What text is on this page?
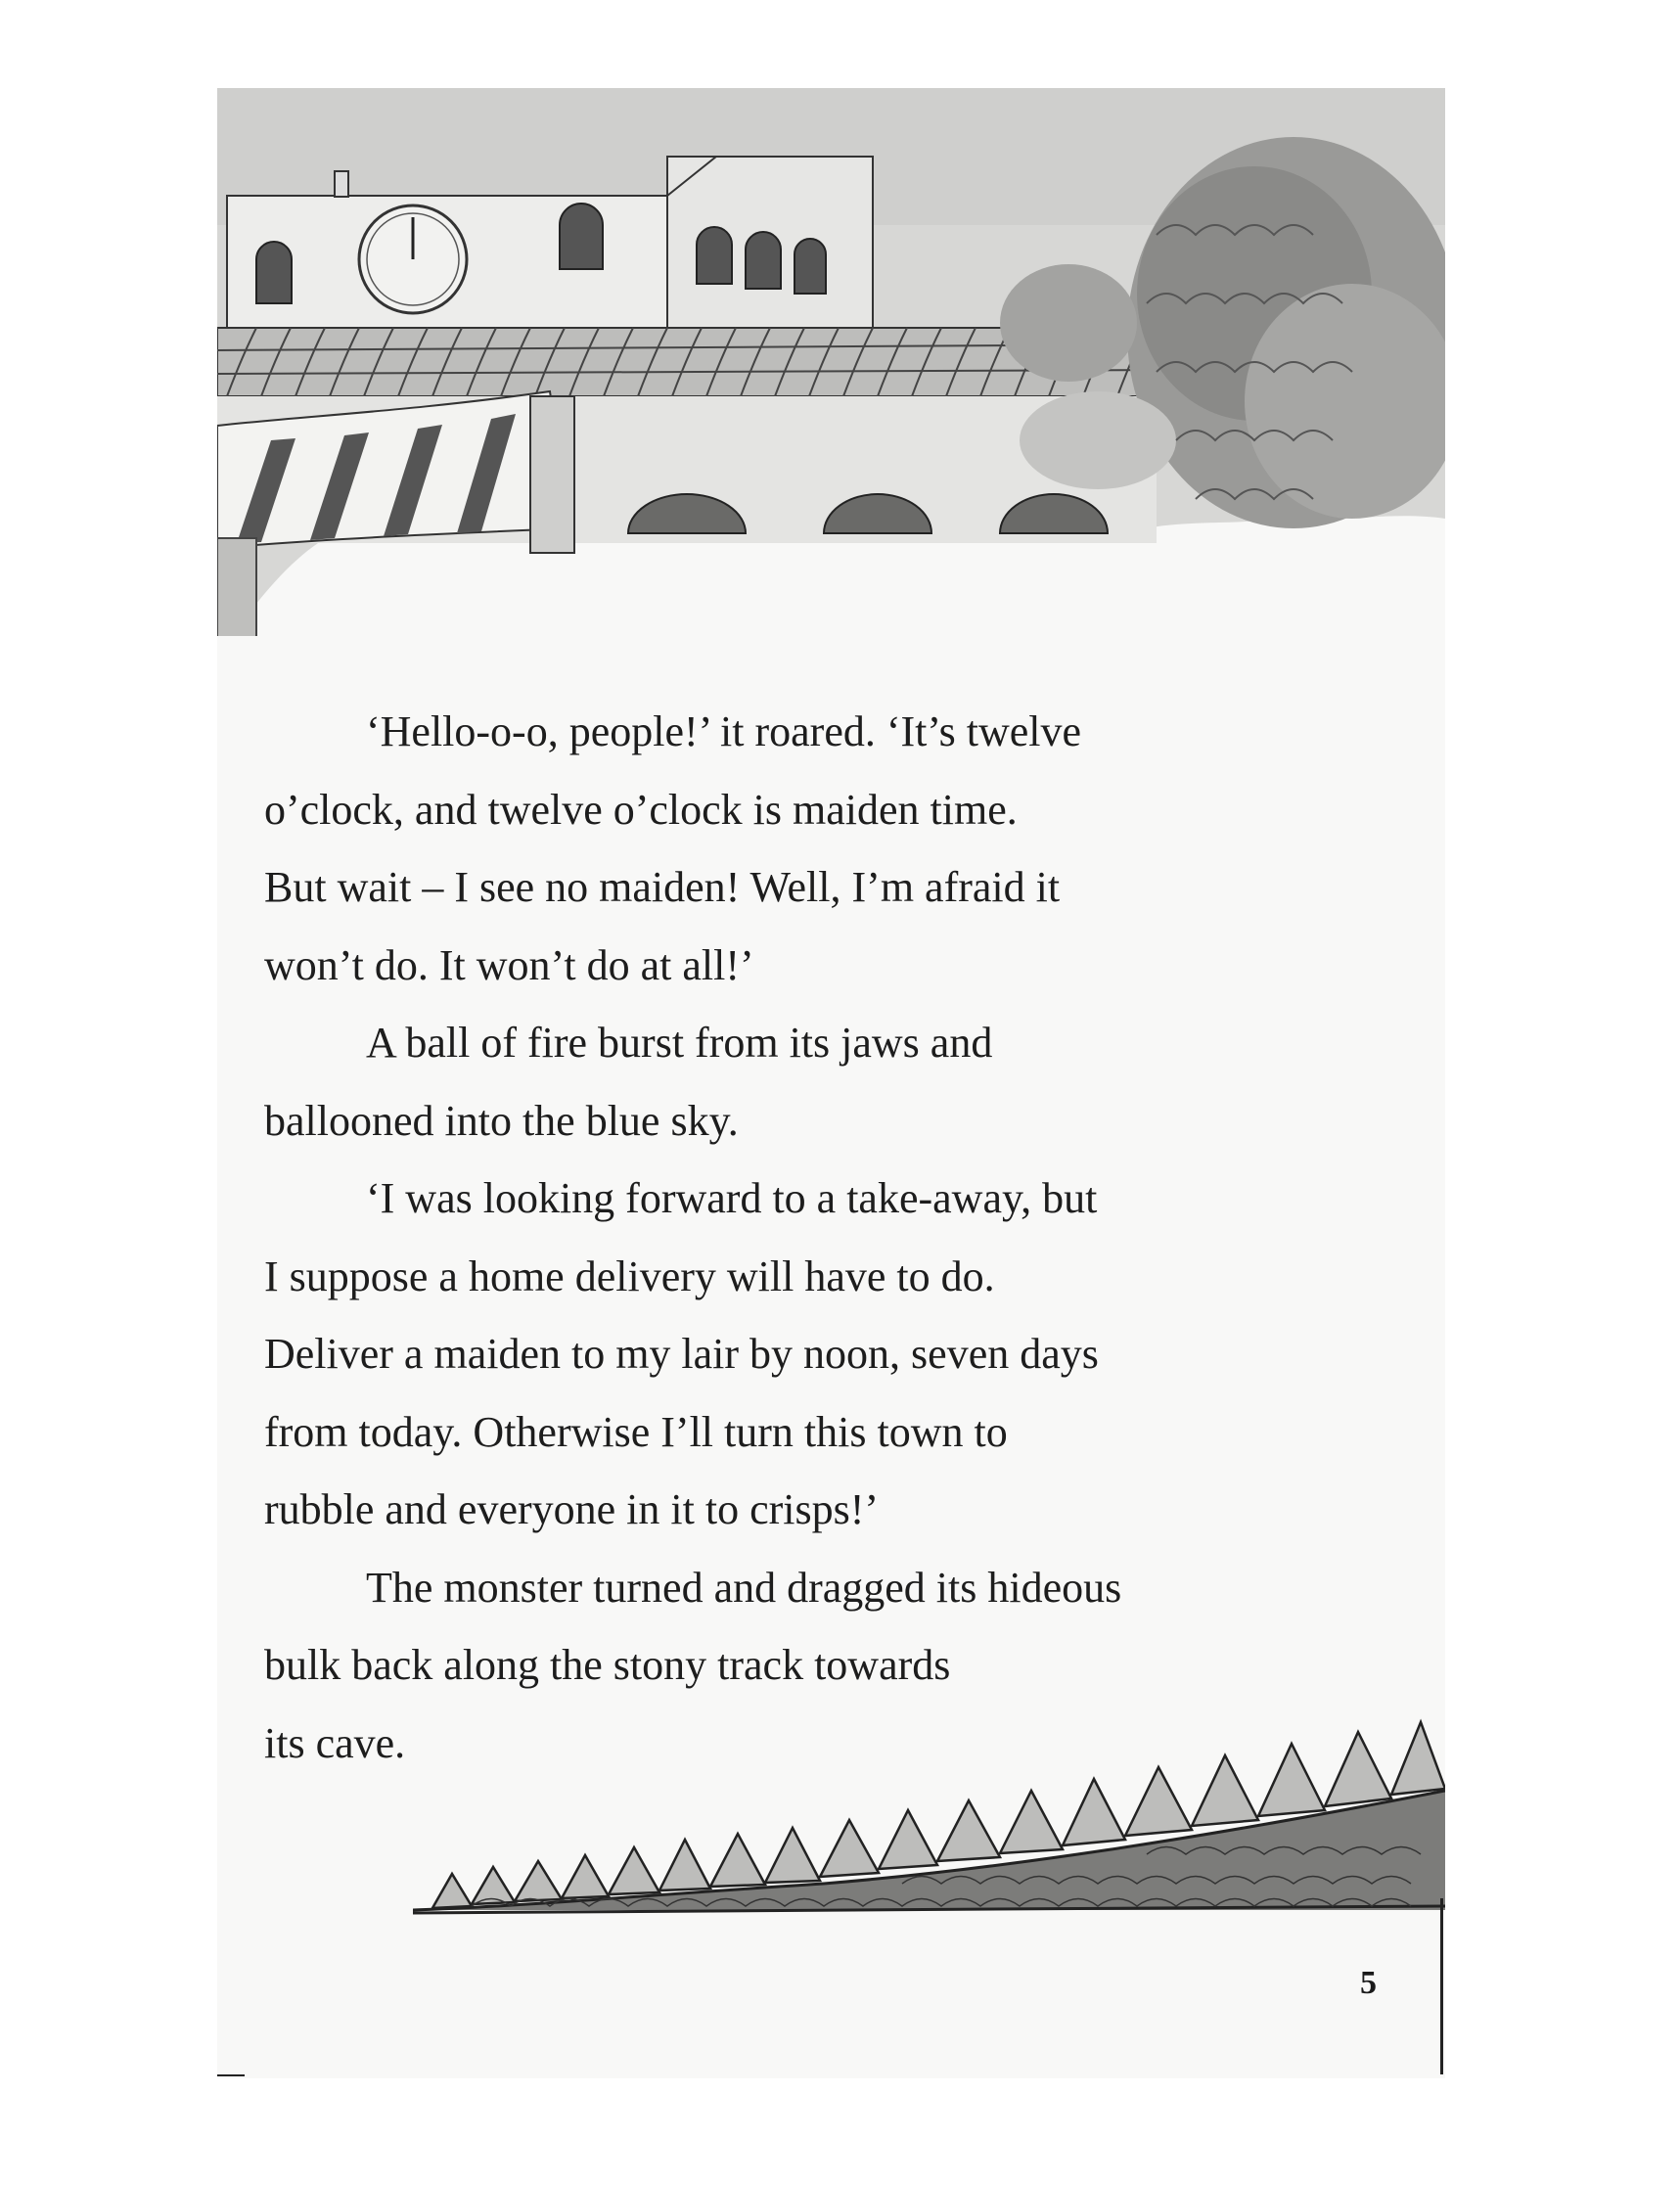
‘Hello-o-o, people!’ it roared. ‘It’s twelve
o’clock, and twelve o’clock is maiden time.
But wait – I see no maiden! Well, I’m afraid it
won’t do. It won’t do at all!’

A ball of fire burst from its jaws and
ballooned into the blue sky.

‘I was looking forward to a take-away, but
I suppose a home delivery will have to do.
Deliver a maiden to my lair by noon, seven days
from today. Otherwise I’ll turn this town to
rubble and everyone in it to crisps!’

The monster turned and dragged its hideous
bulk back along the stony track towards
its cave.

5
